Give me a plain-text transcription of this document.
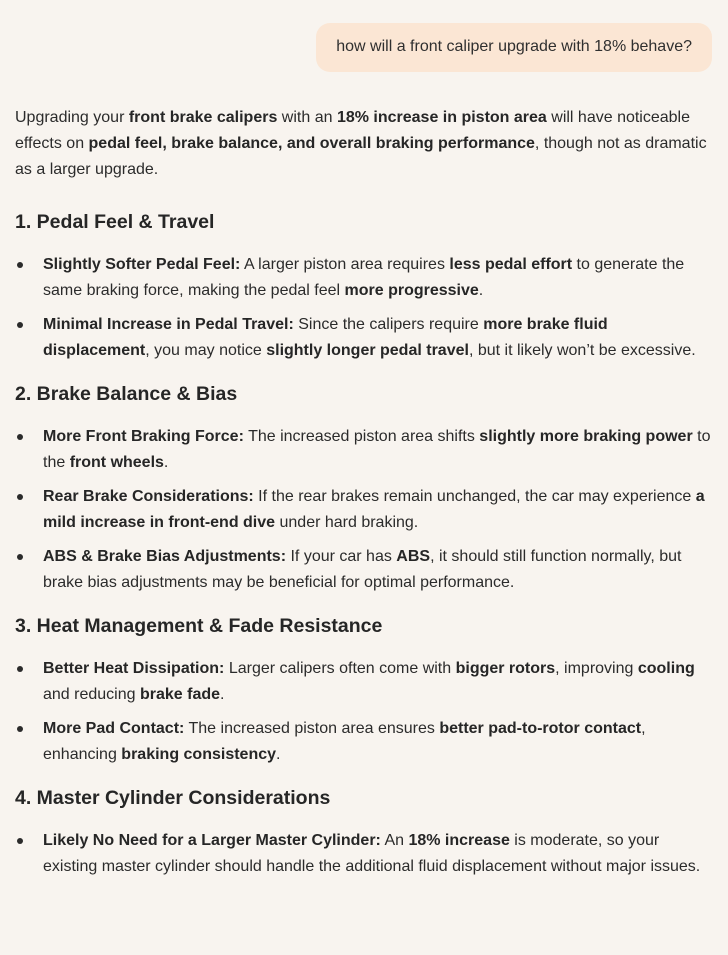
how will a front caliper upgrade with 18% behave?

Upgrading your front brake calipers with an 18% increase in piston area will have noticeable effects on pedal feel, brake balance, and overall braking performance, though not as dramatic as a larger upgrade.

1. Pedal Feel & Travel
Slightly Softer Pedal Feel: A larger piston area requires less pedal effort to generate the same braking force, making the pedal feel more progressive.
Minimal Increase in Pedal Travel: Since the calipers require more brake fluid displacement, you may notice slightly longer pedal travel, but it likely won’t be excessive.
2. Brake Balance & Bias
More Front Braking Force: The increased piston area shifts slightly more braking power to the front wheels.
Rear Brake Considerations: If the rear brakes remain unchanged, the car may experience a mild increase in front-end dive under hard braking.
ABS & Brake Bias Adjustments: If your car has ABS, it should still function normally, but brake bias adjustments may be beneficial for optimal performance.
3. Heat Management & Fade Resistance
Better Heat Dissipation: Larger calipers often come with bigger rotors, improving cooling and reducing brake fade.
More Pad Contact: The increased piston area ensures better pad-to-rotor contact, enhancing braking consistency.
4. Master Cylinder Considerations
Likely No Need for a Larger Master Cylinder: An 18% increase is moderate, so your existing master cylinder should handle the additional fluid displacement without major issues.
